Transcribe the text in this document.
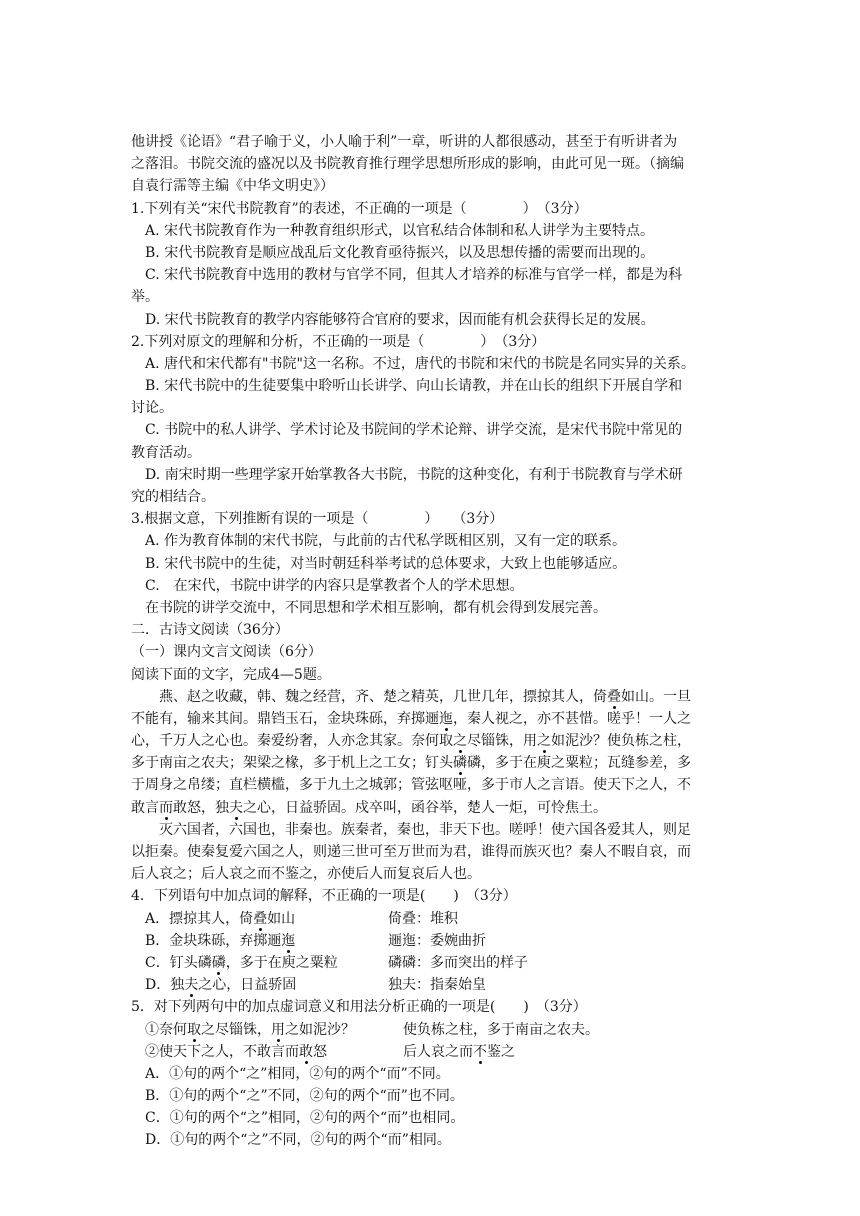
他讲授《论语》“君子喻于义，小人喻于利”一章，听讲的人都很感动，甚至于有听讲者为
之落泪。书院交流的盛况以及书院教育推行理学思想所形成的影响，由此可见一斑。（摘编
自袁行霈等主编《中华文明史》）
1.下列有关“宋代书院教育”的表述，不正确的一项是（　　　　）　（3分）
A. 宋代书院教育作为一种教育组织形式，以官私结合体制和私人讲学为主要特点。
B. 宋代书院教育是顺应战乱后文化教育亟待振兴，以及思想传播的需要而出现的。
C. 宋代书院教育中选用的教材与官学不同，但其人才培养的标准与官学一样，都是为科
举。
D. 宋代书院教育的教学内容能够符合官府的要求，因而能有机会获得长足的发展。
2.下列对原文的理解和分析，不正确的一项是（　　　　）　（3分）
A. 唐代和宋代都有"书院"这一名称。不过，唐代的书院和宋代的书院是名同实异的关系。
B. 宋代书院中的生徒要集中聆听山长讲学、向山长请教，并在山长的组织下开展自学和
讨论。
C. 书院中的私人讲学、学术讨论及书院间的学术论辩、讲学交流，是宋代书院中常见的
教育活动。
D. 南宋时期一些理学家开始掌教各大书院，书院的这种变化，有利于书院教育与学术研
究的相结合。
3.根据文意，下列推断有误的一项是（　　　　）　　（3分）
A. 作为教育体制的宋代书院，与此前的古代私学既相区别，又有一定的联系。
B. 宋代书院中的生徒，对当时朝廷科举考试的总体要求，大致上也能够适应。
C.　在宋代，书院中讲学的内容只是掌教者个人的学术思想。
在书院的讲学交流中，不同思想和学术相互影响，都有机会得到发展完善。
二．古诗文阅读（36分）
（一）课内文言文阅读（6分）
阅读下面的文字，完成4—5题。
燕、赵之收藏，韩、魏之经营，齐、楚之精英，几世几年，摽掠其人，倚叠如山。一旦
不能有，输来其间。鼎铛玉石，金块珠砾，弃掷逦迤，秦人视之，亦不甚惜。嗟乎！一人之
心，千万人之心也。秦爱纷奢，人亦念其家。奈何取之尽锱铢，用之如泥沙？使负栋之柱，
多于南亩之农夫；架梁之椽，多于机上之工女；钉头磷磷，多于在庾之粟粒；瓦缝参差，多
于周身之帛缕；直栏横槛，多于九土之城郭；管弦呕哑，多于市人之言语。使天下之人，不
敢言而敢怒，独夫之心，日益骄固。戍卒叫，函谷举，楚人一炬，可怜焦土。
灭六国者，六国也，非秦也。族秦者，秦也，非天下也。嗟呼！使六国各爱其人，则足
以拒秦。使秦复爱六国之人，则递三世可至万世而为君，谁得而族灭也？秦人不暇自哀，而
后人哀之；后人哀之而不鉴之，亦使后人而复哀后人也。
4．下列语句中加点词的解释，不正确的一项是(　　)　（3分）
A．摽掠其人，倚叠如山	倚叠：堆积
B．金块珠砾，弃掷逦迤	逦迤：委婉曲折
C．钉头磷磷，多于在庾之粟粒	磷磷：多而突出的样子
D．独夫之心，日益骄固	独夫：指秦始皇
5．对下列两句中的加点虚词意义和用法分析正确的一项是(　　)　（3分）
①奈何取之尽锱铢，用之如泥沙？	使负栋之柱，多于南亩之农夫。
②使天下之人，不敢言而敢怒	后人哀之而不鉴之
A．①句的两个“之”相同，②句的两个“而”不同。
B．①句的两个“之”不同，②句的两个“而”也不同。
C．①句的两个“之”相同，②句的两个“而”也相同。
D．①句的两个“之”不同，②句的两个“而”相同。
